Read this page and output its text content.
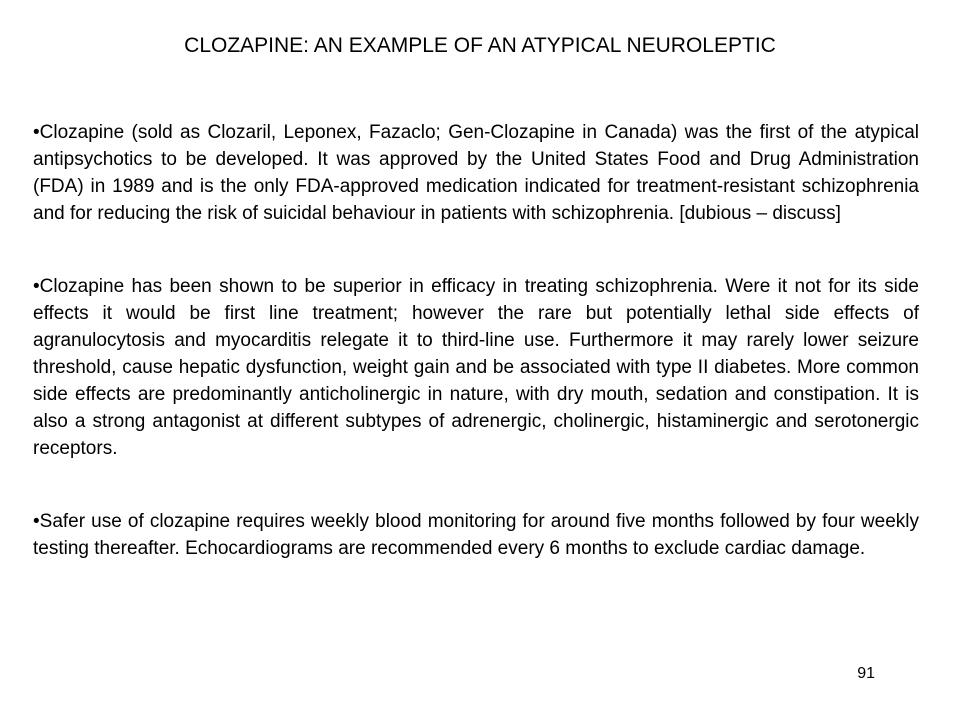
CLOZAPINE: AN EXAMPLE OF AN ATYPICAL NEUROLEPTIC

•Clozapine (sold as Clozaril, Leponex, Fazaclo; Gen-Clozapine in Canada) was the first of the atypical antipsychotics to be developed. It was approved by the United States Food and Drug Administration (FDA) in 1989 and is the only FDA-approved medication indicated for treatment-resistant schizophrenia and for reducing the risk of suicidal behaviour in patients with schizophrenia. [dubious – discuss]

•Clozapine has been shown to be superior in efficacy in treating schizophrenia. Were it not for its side effects it would be first line treatment; however the rare but potentially lethal side effects of agranulocytosis and myocarditis relegate it to third-line use. Furthermore it may rarely lower seizure threshold, cause hepatic dysfunction, weight gain and be associated with type II diabetes. More common side effects are predominantly anticholinergic in nature, with dry mouth, sedation and constipation. It is also a strong antagonist at different subtypes of adrenergic, cholinergic, histaminergic and serotonergic receptors.

•Safer use of clozapine requires weekly blood monitoring for around five months followed by four weekly testing thereafter. Echocardiograms are recommended every 6 months to exclude cardiac damage.

91
